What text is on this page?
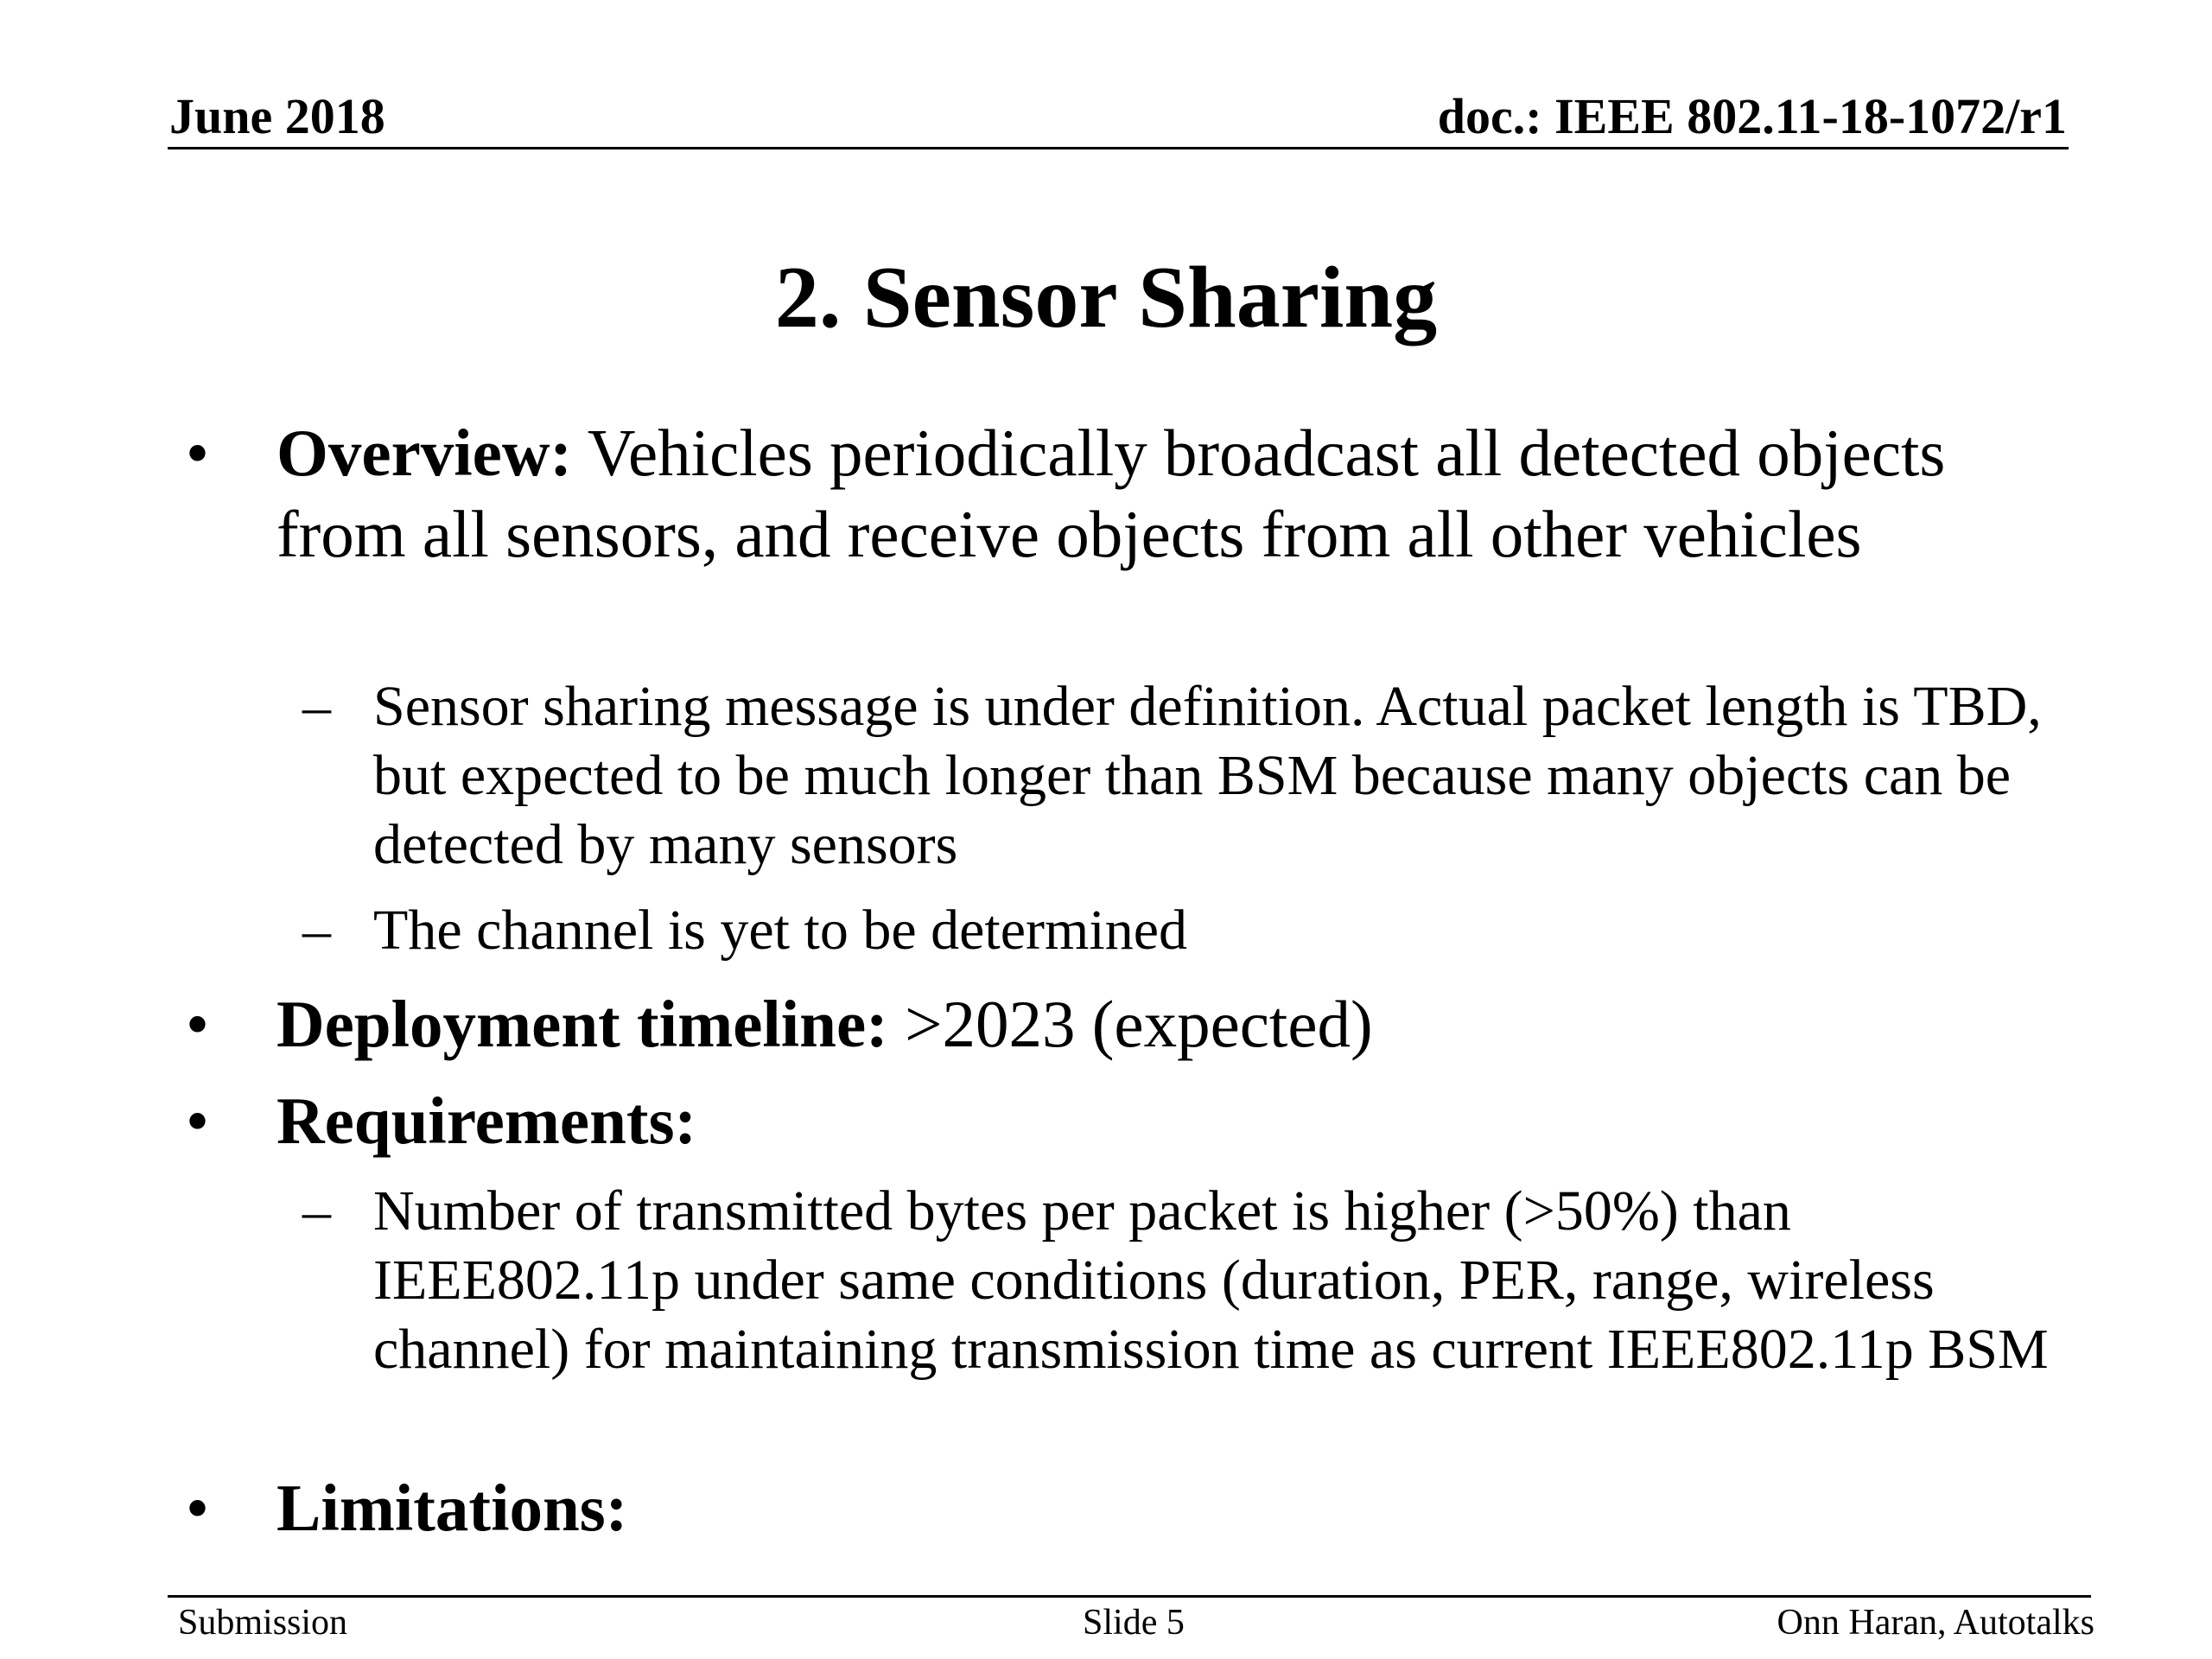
June 2018	doc.: IEEE 802.11-18-1072/r1
2. Sensor Sharing
• Overview: Vehicles periodically broadcast all detected objects from all sensors, and receive objects from all other vehicles
– Sensor sharing message is under definition. Actual packet length is TBD, but expected to be much longer than BSM because many objects can be detected by many sensors
– The channel is yet to be determined
• Deployment timeline: >2023 (expected)
• Requirements:
– Number of transmitted bytes per packet is higher (>50%) than IEEE802.11p under same conditions (duration, PER, range, wireless channel) for maintaining transmission time as current IEEE802.11p BSM
• Limitations:
Submission	Slide 5	Onn Haran, Autotalks
